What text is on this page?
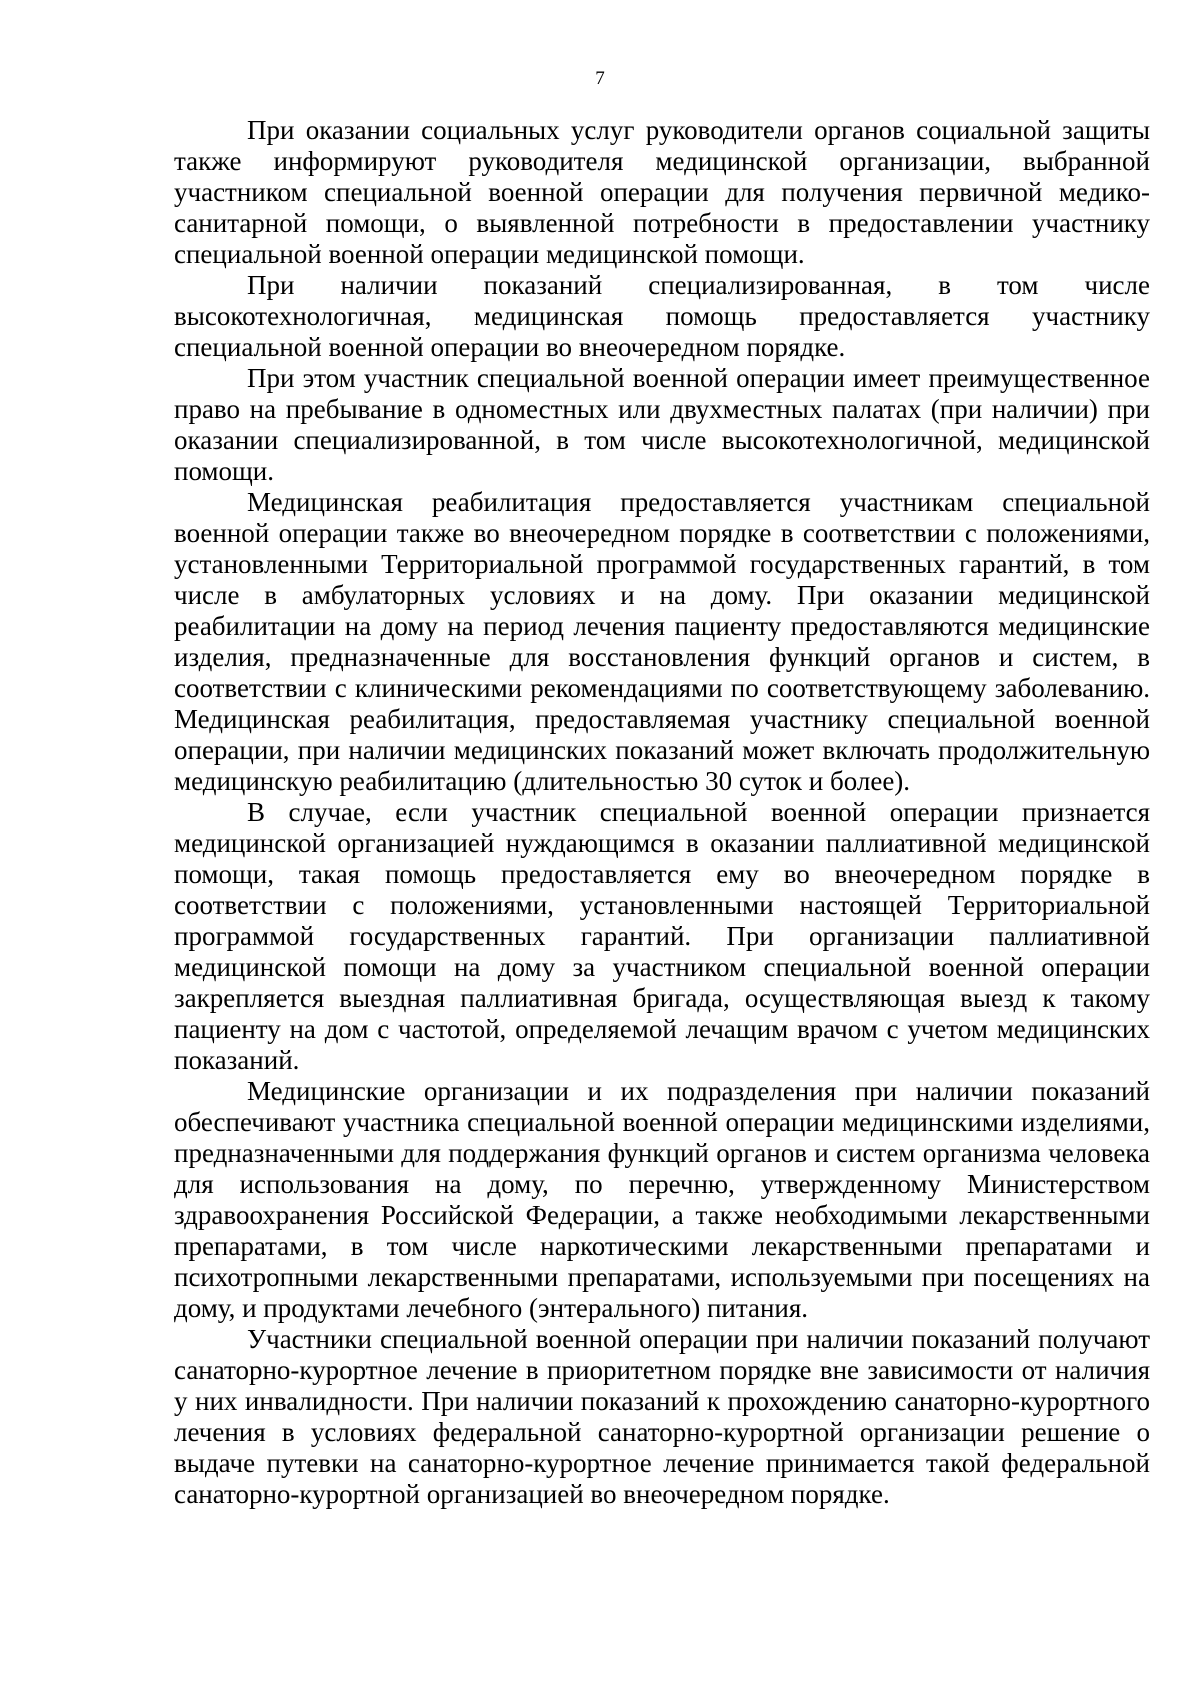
7

При оказании социальных услуг руководители органов социальной защиты также информируют руководителя медицинской организации, выбранной участником специальной военной операции для получения первичной медико-санитарной помощи, о выявленной потребности в предоставлении участнику специальной военной операции медицинской помощи.

При наличии показаний специализированная, в том числе высокотехнологичная, медицинская помощь предоставляется участнику специальной военной операции во внеочередном порядке.

При этом участник специальной военной операции имеет преимущественное право на пребывание в одноместных или двухместных палатах (при наличии) при оказании специализированной, в том числе высокотехнологичной, медицинской помощи.

Медицинская реабилитация предоставляется участникам специальной военной операции также во внеочередном порядке в соответствии с положениями, установленными Территориальной программой государственных гарантий, в том числе в амбулаторных условиях и на дому. При оказании медицинской реабилитации на дому на период лечения пациенту предоставляются медицинские изделия, предназначенные для восстановления функций органов и систем, в соответствии с клиническими рекомендациями по соответствующему заболеванию. Медицинская реабилитация, предоставляемая участнику специальной военной операции, при наличии медицинских показаний может включать продолжительную медицинскую реабилитацию (длительностью 30 суток и более).

В случае, если участник специальной военной операции признается медицинской организацией нуждающимся в оказании паллиативной медицинской помощи, такая помощь предоставляется ему во внеочередном порядке в соответствии с положениями, установленными настоящей Территориальной программой государственных гарантий. При организации паллиативной медицинской помощи на дому за участником специальной военной операции закрепляется выездная паллиативная бригада, осуществляющая выезд к такому пациенту на дом с частотой, определяемой лечащим врачом с учетом медицинских показаний.

Медицинские организации и их подразделения при наличии показаний обеспечивают участника специальной военной операции медицинскими изделиями, предназначенными для поддержания функций органов и систем организма человека для использования на дому, по перечню, утвержденному Министерством здравоохранения Российской Федерации, а также необходимыми лекарственными препаратами, в том числе наркотическими лекарственными препаратами и психотропными лекарственными препаратами, используемыми при посещениях на дому, и продуктами лечебного (энтерального) питания.

Участники специальной военной операции при наличии показаний получают санаторно-курортное лечение в приоритетном порядке вне зависимости от наличия у них инвалидности. При наличии показаний к прохождению санаторно-курортного лечения в условиях федеральной санаторно-курортной организации решение о выдаче путевки на санаторно-курортное лечение принимается такой федеральной санаторно-курортной организацией во внеочередном порядке.
